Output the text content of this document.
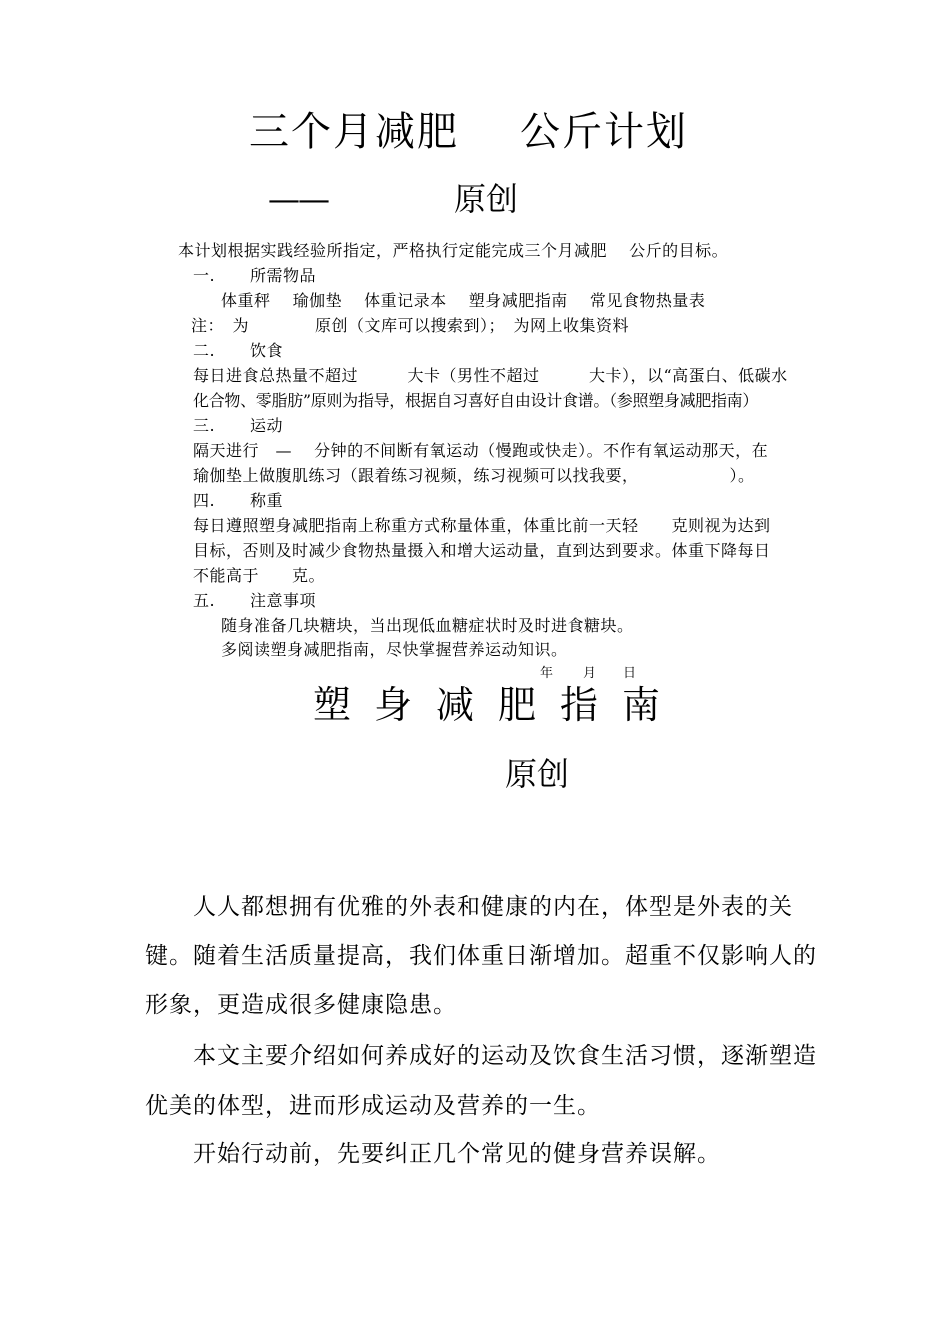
三个月减肥 公斤计划
——	原创
本计划根据实践经验所指定，严格执行定能完成三个月减肥　 公斤的目标。
一. 所需物品
体重秤　 瑜伽垫　 体重记录本　 塑身减肥指南　 常见食物热量表
注：　为　　　　原创（文库可以搜索到）；　为网上收集资料
二. 饮食
每日进食总热量不超过　　　大卡（男性不超过　　　大卡），以“高蛋白、低碳水
化合物、零脂肪”原则为指导，根据自习喜好自由设计食谱。（参照塑身减肥指南）
三. 运动
隔天进行　—　 分钟的不间断有氧运动（慢跑或快走）。不作有氧运动那天，在
瑜伽垫上做腹肌练习（跟着练习视频，练习视频可以找我要，　　　　　　）。
四. 称重
每日遵照塑身减肥指南上称重方式称量体重，体重比前一天轻　　克则视为达到
目标，否则及时减少食物热量摄入和增大运动量，直到达到要求。体重下降每日
不能高于　　克。
五. 注意事项
随身准备几块糖块，当出现低血糖症状时及时进食糖块。
多阅读塑身减肥指南，尽快掌握营养运动知识。
年 月 日
塑 身 减 肥 指 南
原创
人人都想拥有优雅的外表和健康的内在，体型是外表的关
键。随着生活质量提高，我们体重日渐增加。超重不仅影响人的
形象，更造成很多健康隐患。
本文主要介绍如何养成好的运动及饮食生活习惯，逐渐塑造
优美的体型，进而形成运动及营养的一生。
开始行动前，先要纠正几个常见的健身营养误解。
